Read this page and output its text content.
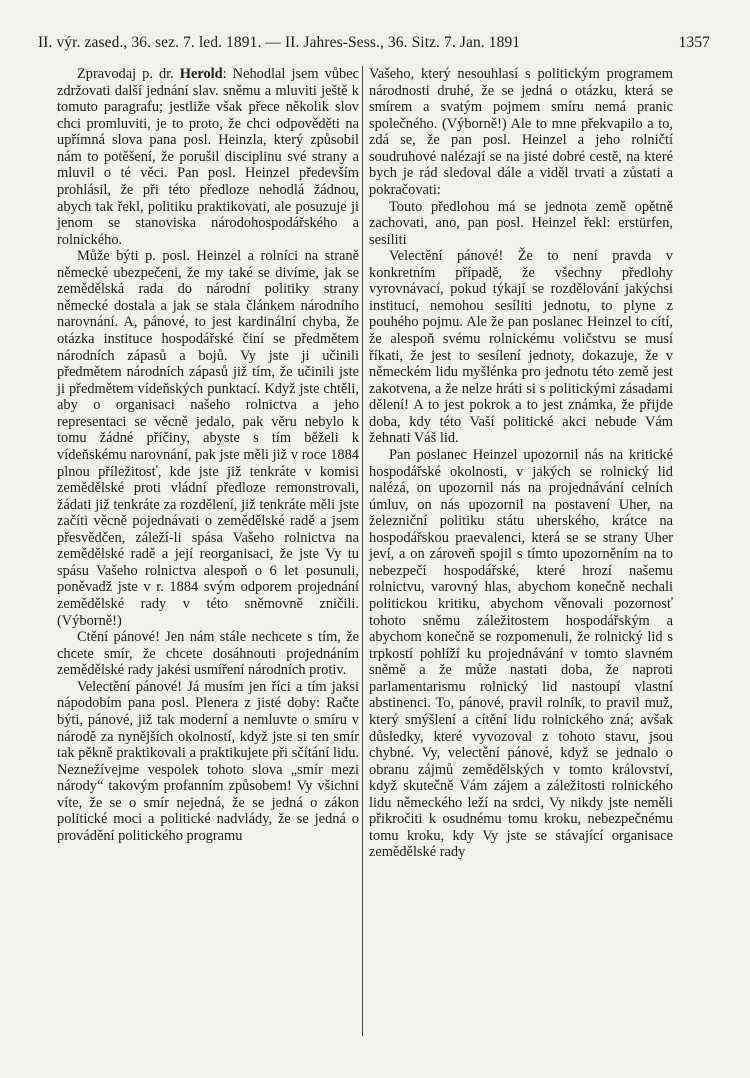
II. výr. zased., 36. sez. 7. led. 1891. — II. Jahres-Sess., 36. Sitz. 7. Jan. 1891	1357

Zpravodaj p. dr. Herold: Nehodlal jsem vůbec zdržovati další jednání slav. sněmu a mluviti ještě k tomuto paragrafu; jestliže však přece několik slov chci promluviti, je to proto, že chci odpověděti na upřímná slova pana posl. Heinzla, který způsobil nám to potěšení, že porušil disciplinu své strany a mluvil o té věci. Pan posl. Heinzel především prohlásil, že při této předloze nehodlá žádnou, abych tak řekl, politiku praktikovati, ale posuzuje ji jenom se stanoviska národohospodářského a rolnického.

Může býti p. posl. Heinzel a rolníci na straně německé ubezpečeni, že my také se divíme, jak se zemědělská rada do národní politiky strany německé dostala a jak se stala článkem národního narovnání. A, pánové, to jest kardinální chyba, že otázka instituce hospodářské činí se předmětem národních zápasů a bojů. Vy jste ji učinili předmětem národních zápasů již tím, že učinili jste ji předmětem vídeňských punktací. Když jste chtěli, aby o organisaci našeho rolnictva a jeho representaci se věcně jedalo, pak věru nebylo k tomu žádné příčiny, abyste s tím běželi k vídeňskému narovnání, pak jste měli již v roce 1884 plnou příležitosť, kde jste již tenkráte v komisi zemědělské proti vládní předloze remonstrovali, žádati již tenkráte za rozdělení, již tenkráte měli jste začíti věcně pojednávati o zemědělské radě a jsem přesvědčen, záleží-li spása Vašeho rolnictva na zemědělské radě a její reorganisaci, že jste Vy tu spásu Vašeho rolnictva alespoň o 6 let posunuli, poněvadž jste v r. 1884 svým odporem projednání zemědělské rady v této sněmovně zničili. (Výborně!)

Ctění pánové! Jen nám stále nechcete s tím, že chcete smír, že chcete dosáhnouti projednáním zemědělské rady jakési usmíření národních protiv.

Velectění pánové! Já musím jen říci a tím jaksi nápodobím pana posl. Plenera z jisté doby: Račte býti, pánové, již tak moderní a nemluvte o smíru v národě za nynějších okolností, když jste si ten smír tak pěkně praktikovali a praktikujete při sčítání lidu. Neznežívejme vespolek tohoto slova „smír mezi národy“ takovým profanním způsobem! Vy všichni víte, že se o smír nejedná, že se jedná o zákon politické moci a politické nadvlády, že se jedná o provádění politického programu

Vašeho, který nesouhlasí s politickým programem národnosti druhé, že se jedná o otázku, která se smírem a svatým pojmem smíru nemá pranic společného. (Výborně!) Ale to mne překvapilo a to, zdá se, že pan posl. Heinzel a jeho rolničtí soudruhové nalézají se na jisté dobré cestě, na které bych je rád sledoval dále a viděl trvati a zůstati a pokračovati:

Touto předlohou má se jednota země opětně zachovati, ano, pan posl. Heinzel řekl: erstürfen, sesiliti

Velectění pánové! Že to není pravda v konkretním případě, že všechny předlohy vyrovnávací, pokud týkají se rozdělování jakýchsi institucí, nemohou sesíliti jednotu, to plyne z pouhého pojmu. Ale že pan poslanec Heinzel to cítí, že alespoň svému rolnickému voličstvu se musí říkati, že jest to sesílení jednoty, dokazuje, že v německém lidu myšlénka pro jednotu této země jest zakotvena, a že nelze hráti si s politickými zásadami dělení! A to jest pokrok a to jest známka, že přijde doba, kdy této Vaší politické akci nebude Vám žehnati Váš lid.

Pan poslanec Heinzel upozornil nás na kritické hospodářské okolnosti, v jakých se rolnický lid nalézá, on upozornil nás na projednávání celních úmluv, on nás upozornil na postavení Uher, na železniční politiku státu uherského, krátce na hospodářskou praevalenci, která se se strany Uher jeví, a on zároveň spojil s tímto upozorněním na to nebezpečí hospodářské, které hrozí našemu rolnictvu, varovný hlas, abychom konečně nechali politickou kritiku, abychom věnovali pozornosť tohoto sněmu záležitostem hospodářským a abychom konečně se rozpomenuli, že rolnický lid s trpkostí pohlíží ku projednávání v tomto slavném sněmě a že může nastati doba, že naproti parlamentarismu rolnický lid nastoupí vlastní abstinenci. To, pánové, pravil rolník, to pravil muž, který smýšlení a cítění lidu rolnického zná; avšak důsledky, které vyvozoval z tohoto stavu, jsou chybné. Vy, velectění pánové, když se jednalo o obranu zájmů zemědělských v tomto království, když skutečně Vám zájem a záležitosti rolnického lidu německého leží na srdci, Vy nikdy jste neměli přikročiti k osudnému tomu kroku, nebezpečnému tomu kroku, kdy Vy jste se stávající organisace zemědělské rady
